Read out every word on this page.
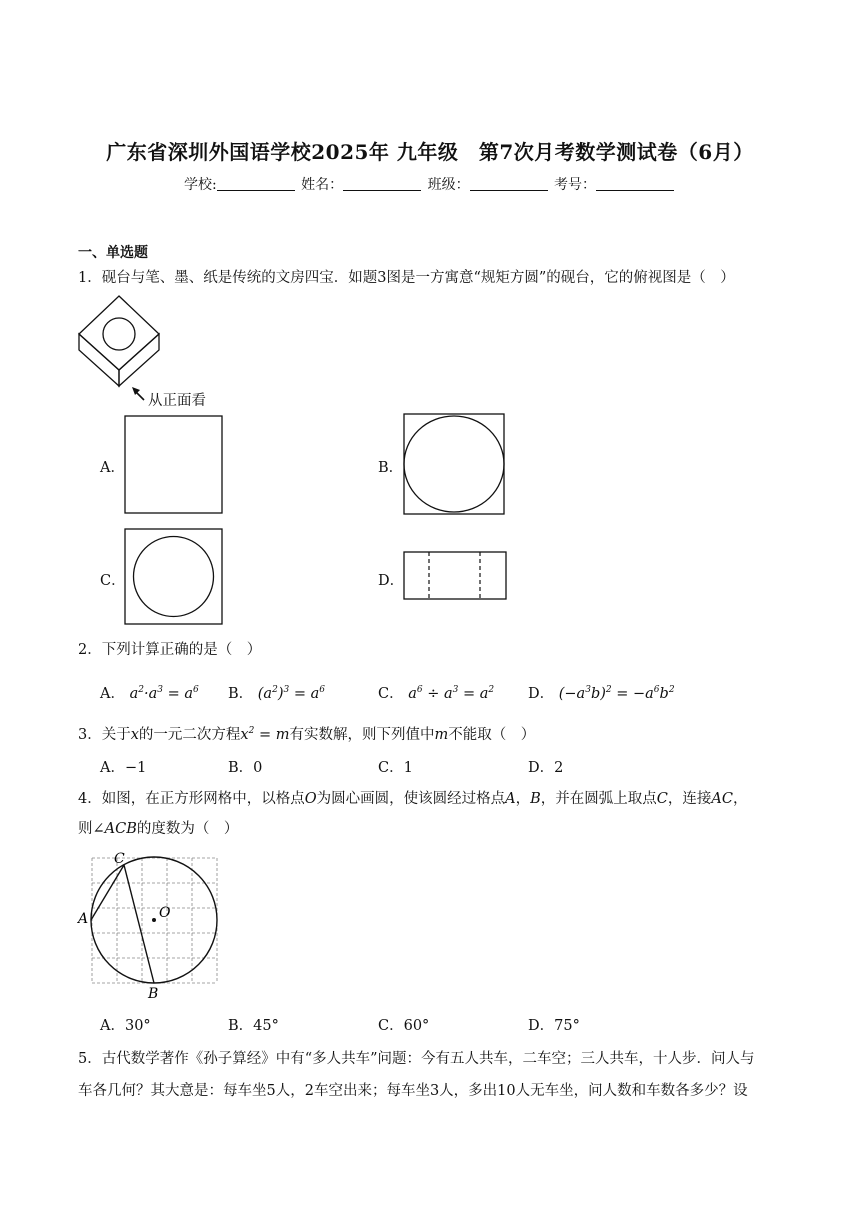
广东省深圳外国语学校2025年 九年级　第7次月考数学测试卷（6月）
学校:	姓名：	班级：	考号：
一、单选题
1．砚台与笔、墨、纸是传统的文房四宝．如题3图是一方寓意“规矩方圆”的砚台，它的俯视图是（　）
从正面看
A．	B．
C．	D．
2．下列计算正确的是（　）
A． $a^2\cdot a^3 = a^6$ B． $(a^2)^3 = a^6$	C． $a^6 \div a^3 = a^2$ D． $(-a^3b)^2 = -a^6b^2$
3．关于x的一元二次方程$x^2 = m$有实数解，则下列值中m不能取（　）
A．−1	B．0	C．1	D．2
4．如图，在正方形网格中，以格点O为圆心画圆，使该圆经过格点A，B，并在圆弧上取点C，连接AC，
则∠ACB的度数为（　）
C
A	O
B
A．30°	B．45°	C．60°	D．75°
5．古代数学著作《孙子算经》中有“多人共车”问题：今有五人共车，二车空；三人共车，十人步．问人与
车各几何？其大意是：每车坐5人，2车空出来；每车坐3人，多出10人无车坐，问人数和车数各多少？设
